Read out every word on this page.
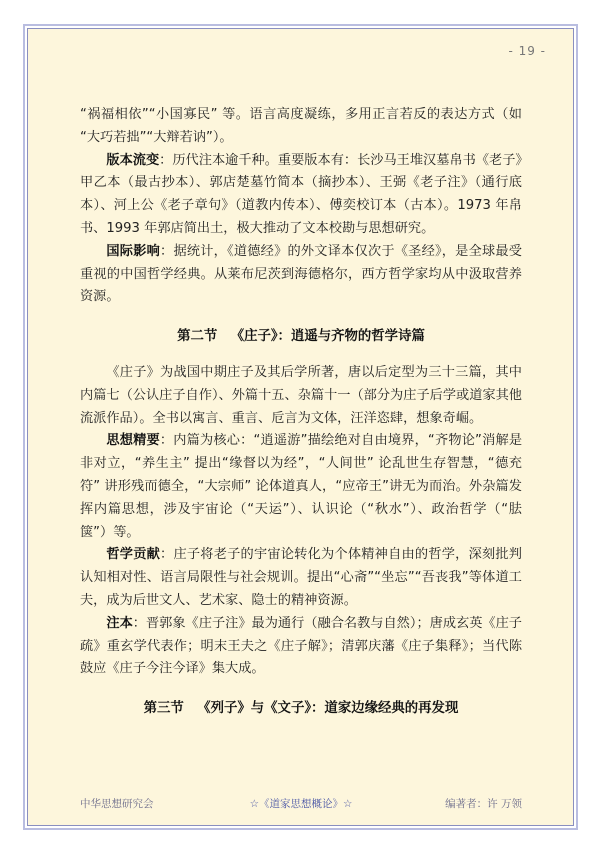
- 19 -

“祸福相依”“小国寡民” 等。语言高度凝练，多用正言若反的表达方式（如 “大巧若拙”“大辩若讷”）。

版本流变：历代注本逾千种。重要版本有：长沙马王堆汉墓帛书《老子》甲乙本（最古抄本）、郭店楚墓竹简本（摘抄本）、王弼《老子注》（通行底本）、河上公《老子章句》（道教内传本）、傅奕校订本（古本）。1973 年帛书、1993 年郭店简出土，极大推动了文本校勘与思想研究。

国际影响：据统计，《道德经》的外文译本仅次于《圣经》，是全球最受重视的中国哲学经典。从莱布尼茨到海德格尔，西方哲学家均从中汲取营养资源。

第二节 《庄子》：逍遥与齐物的哲学诗篇

《庄子》为战国中期庄子及其后学所著，唐以后定型为三十三篇，其中内篇七（公认庄子自作）、外篇十五、杂篇十一（部分为庄子后学或道家其他流派作品）。全书以寓言、重言、卮言为文体，汪洋恣肆，想象奇崛。

思想精要：内篇为核心：“逍遥游”描绘绝对自由境界，“齐物论”消解是非对立，“养生主” 提出“缘督以为经”，“人间世” 论乱世生存智慧，“德充符” 讲形残而德全，“大宗师” 论体道真人，“应帝王”讲无为而治。外杂篇发挥内篇思想，涉及宇宙论（“天运”）、认识论（“秋水”）、政治哲学（“胠箧”）等。

哲学贡献：庄子将老子的宇宙论转化为个体精神自由的哲学，深刻批判认知相对性、语言局限性与社会规训。提出“心斋”“坐忘”“吾丧我”等体道工夫，成为后世文人、艺术家、隐士的精神资源。

注本：晋郭象《庄子注》最为通行（融合名教与自然）；唐成玄英《庄子疏》重玄学代表作；明末王夫之《庄子解》；清郭庆藩《庄子集释》；当代陈鼓应《庄子今注今译》集大成。

第三节 《列子》与《文子》：道家边缘经典的再发现
中华思想研究会	☆《道家思想概论》☆	编著者：许 万领
